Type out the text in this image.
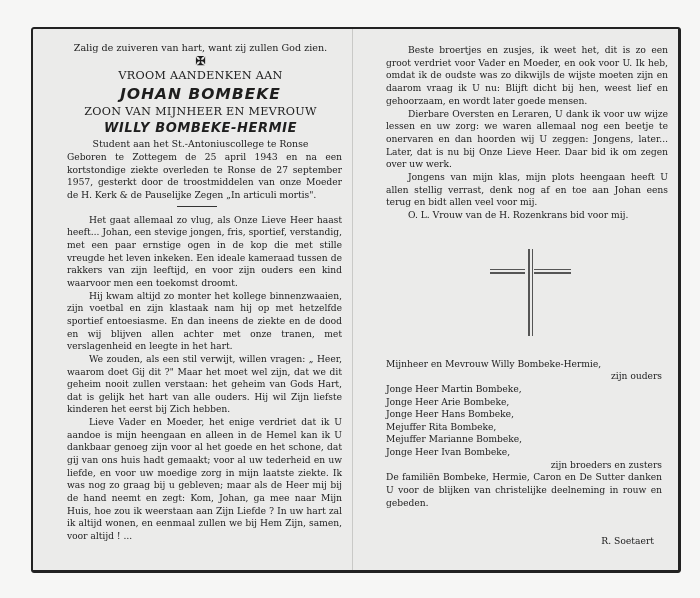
Zalig de zuiveren van hart, want zij zullen God zien.
✠
VROOM AANDENKEN AAN
JOHAN BOMBEKE
ZOON VAN MIJNHEER EN MEVROUW
WILLY BOMBEKE-HERMIE
Student aan het St.-Antoniuscollege te Ronse

Geboren te Zottegem de 25 april 1943 en na een kortstondige ziekte overleden te Ronse de 27 september 1957, gesterkt door de troostmiddelen van onze Moeder de H. Kerk & de Pauselijke Zegen „In articuli mortis".

Het gaat allemaal zo vlug, als Onze Lieve Heer haast heeft... Johan, een stevige jongen, fris, sportief, verstandig, met een paar ernstige ogen in de kop die met stille vreugde het leven inkeken. Een ideale kameraad tussen de rakkers van zijn leeftijd, en voor zijn ouders een kind waarvoor men een toekomst droomt.

Hij kwam altijd zo monter het kollege binnenzwaaien, zijn voetbal en zijn klastaak nam hij op met hetzelfde sportief entoesiasme. En dan ineens de ziekte en de dood en wij blijven allen achter met onze tranen, met verslagenheid en leegte in het hart.

We zouden, als een stil verwijt, willen vragen: „ Heer, waarom doet Gij dit ?" Maar het moet wel zijn, dat we dit geheim nooit zullen verstaan: het geheim van Gods Hart, dat is gelijk het hart van alle ouders. Hij wil Zijn liefste kinderen het eerst bij Zich hebben.

Lieve Vader en Moeder, het enige verdriet dat ik U aandoe is mijn heengaan en alleen in de Hemel kan ik U dankbaar genoeg zijn voor al het goede en het schone, dat gij van ons huis hadt gemaakt; voor al uw tederheid en uw liefde, en voor uw moedige zorg in mijn laatste ziekte. Ik was nog zo graag bij u gebleven; maar als de Heer mij bij de hand neemt en zegt: Kom, Johan, ga mee naar Mijn Huis, hoe zou ik weerstaan aan Zijn Liefde ? In uw hart zal ik altijd wonen, en eenmaal zullen we bij Hem Zijn, samen, voor altijd ! ...

Beste broertjes en zusjes, ik weet het, dit is zo een groot verdriet voor Vader en Moeder, en ook voor U. Ik heb, omdat ik de oudste was zo dikwijls de wijste moeten zijn en daarom vraag ik U nu: Blijft dicht bij hen, weest lief en gehoorzaam, en wordt later goede mensen.

Dierbare Oversten en Leraren, U dank ik voor uw wijze lessen en uw zorg: we waren allemaal nog een beetje te onervaren en dan hoorden wij U zeggen: Jongens, later... Later, dat is nu bij Onze Lieve Heer. Daar bid ik om zegen over uw werk.

Jongens van mijn klas, mijn plots heengaan heeft U allen stellig verrast, denk nog af en toe aan Johan eens terug en bidt allen veel voor mij.

O. L. Vrouw van de H. Rozenkrans bid voor mij.

Mijnheer en Mevrouw Willy Bombeke-Hermie,
zijn ouders
Jonge Heer Martin Bombeke,
Jonge Heer Arie Bombeke,
Jonge Heer Hans Bombeke,
Mejuffer Rita Bombeke,
Mejuffer Marianne Bombeke,
Jonge Heer Ivan Bombeke,
zijn broeders en zusters

De familiën Bombeke, Hermie, Caron en De Sutter danken U voor de blijken van christelijke deelneming in rouw en gebeden.

R. Soetaert
